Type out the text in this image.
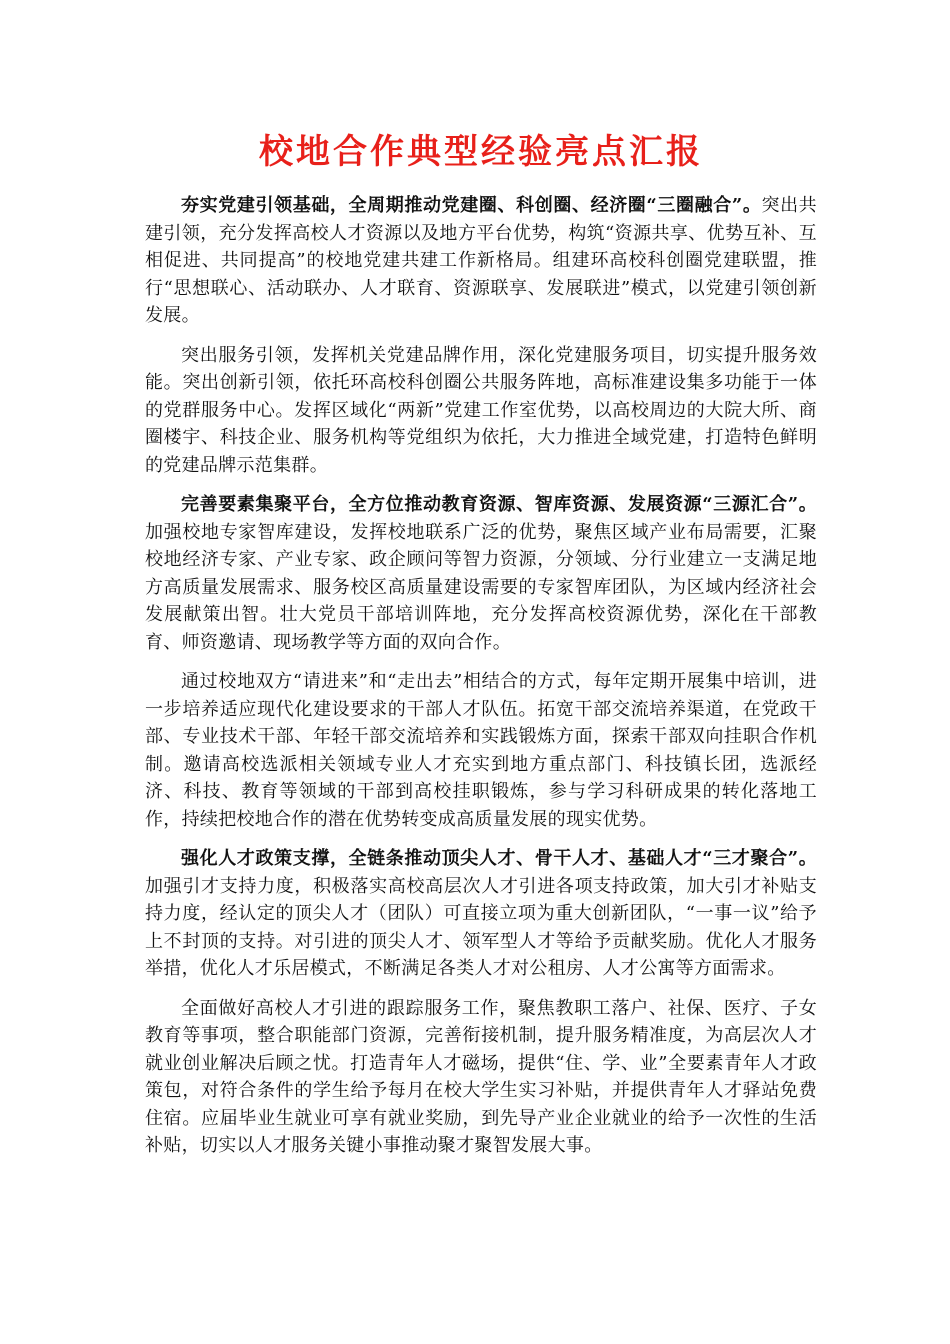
校地合作典型经验亮点汇报

夯实党建引领基础，全周期推动党建圈、科创圈、经济圈“三圈融合”。突出共建引领，充分发挥高校人才资源以及地方平台优势，构筑“资源共享、优势互补、互相促进、共同提高”的校地党建共建工作新格局。组建环高校科创圈党建联盟，推行“思想联心、活动联办、人才联育、资源联享、发展联进”模式，以党建引领创新发展。

突出服务引领，发挥机关党建品牌作用，深化党建服务项目，切实提升服务效能。突出创新引领，依托环高校科创圈公共服务阵地，高标准建设集多功能于一体的党群服务中心。发挥区域化“两新”党建工作室优势，以高校周边的大院大所、商圈楼宇、科技企业、服务机构等党组织为依托，大力推进全域党建，打造特色鲜明的党建品牌示范集群。

完善要素集聚平台，全方位推动教育资源、智库资源、发展资源“三源汇合”。加强校地专家智库建设，发挥校地联系广泛的优势，聚焦区域产业布局需要，汇聚校地经济专家、产业专家、政企顾问等智力资源，分领域、分行业建立一支满足地方高质量发展需求、服务校区高质量建设需要的专家智库团队，为区域内经济社会发展献策出智。壮大党员干部培训阵地，充分发挥高校资源优势，深化在干部教育、师资邀请、现场教学等方面的双向合作。

通过校地双方“请进来”和“走出去”相结合的方式，每年定期开展集中培训，进一步培养适应现代化建设要求的干部人才队伍。拓宽干部交流培养渠道，在党政干部、专业技术干部、年轻干部交流培养和实践锻炼方面，探索干部双向挂职合作机制。邀请高校选派相关领域专业人才充实到地方重点部门、科技镇长团，选派经济、科技、教育等领域的干部到高校挂职锻炼，参与学习科研成果的转化落地工作，持续把校地合作的潜在优势转变成高质量发展的现实优势。

强化人才政策支撑，全链条推动顶尖人才、骨干人才、基础人才“三才聚合”。加强引才支持力度，积极落实高校高层次人才引进各项支持政策，加大引才补贴支持力度，经认定的顶尖人才（团队）可直接立项为重大创新团队，“一事一议”给予上不封顶的支持。对引进的顶尖人才、领军型人才等给予贡献奖励。优化人才服务举措，优化人才乐居模式，不断满足各类人才对公租房、人才公寓等方面需求。

全面做好高校人才引进的跟踪服务工作，聚焦教职工落户、社保、医疗、子女教育等事项，整合职能部门资源，完善衔接机制，提升服务精准度，为高层次人才就业创业解决后顾之忧。打造青年人才磁场，提供“住、学、业”全要素青年人才政策包，对符合条件的学生给予每月在校大学生实习补贴，并提供青年人才驿站免费住宿。应届毕业生就业可享有就业奖励，到先导产业企业就业的给予一次性的生活补贴，切实以人才服务关键小事推动聚才聚智发展大事。
